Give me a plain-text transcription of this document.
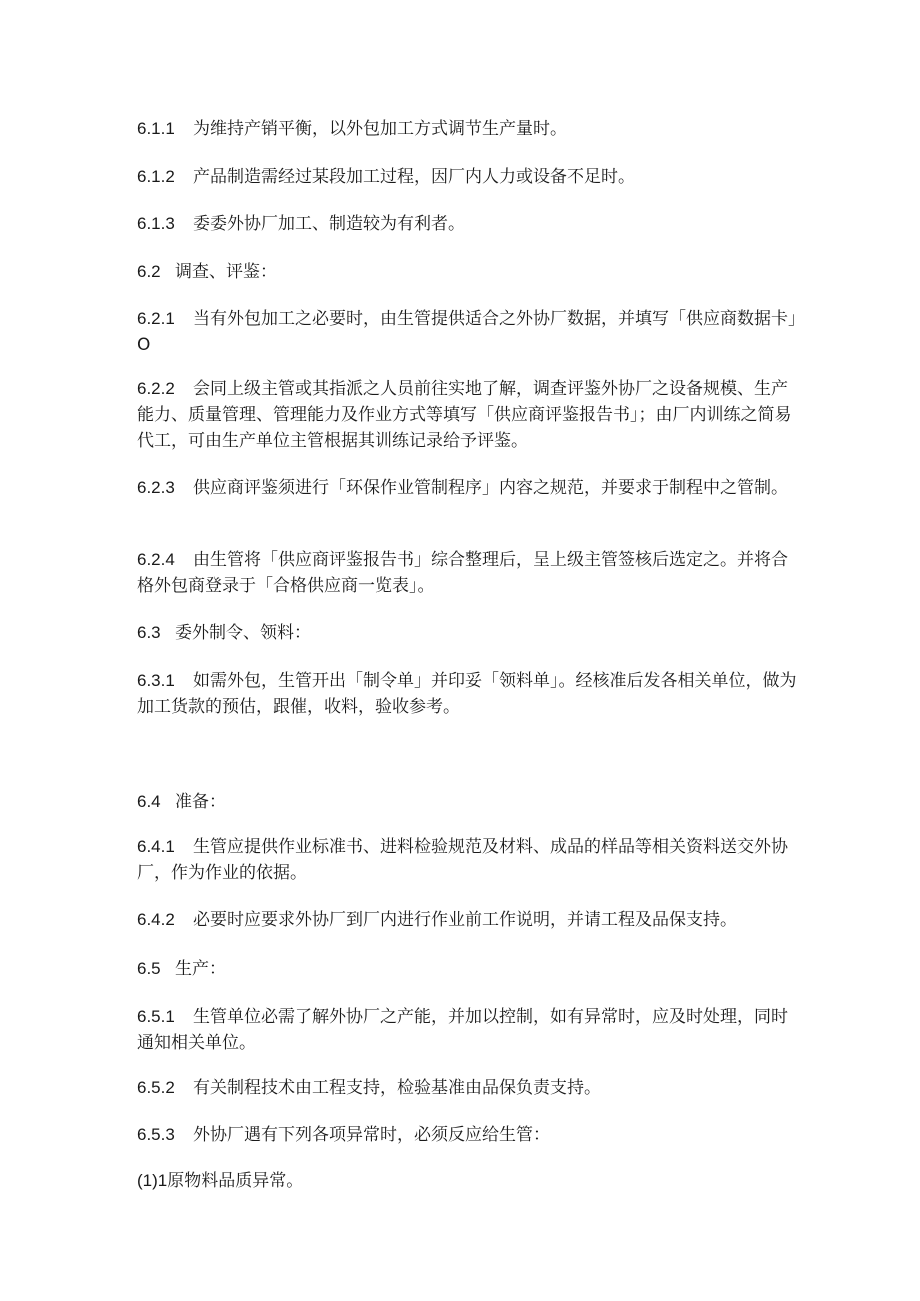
6.1.1 为维持产销平衡，以外包加工方式调节生产量时。

6.1.2 产品制造需经过某段加工过程，因厂内人力或设备不足时。

6.1.3 委委外协厂加工、制造较为有利者。

6.2 调查、评鉴：

6.2.1 当有外包加工之必要时，由生管提供适合之外协厂数据，并填写「供应商数据卡」O

6.2.2 会同上级主管或其指派之人员前往实地了解，调查评鉴外协厂之设备规模、生产能力、质量管理、管理能力及作业方式等填写「供应商评鉴报告书」；由厂内训练之简易代工，可由生产单位主管根据其训练记录给予评鉴。

6.2.3 供应商评鉴须进行「环保作业管制程序」内容之规范，并要求于制程中之管制。

6.2.4 由生管将「供应商评鉴报告书」综合整理后，呈上级主管签核后选定之。并将合格外包商登录于「合格供应商一览表」。

6.3 委外制令、领料：

6.3.1 如需外包，生管开出「制令单」并印妥「领料单」。经核准后发各相关单位，做为加工货款的预估，跟催，收料，验收参考。

6.4 准备：

6.4.1 生管应提供作业标准书、进料检验规范及材料、成品的样品等相关资料送交外协厂，作为作业的依据。

6.4.2 必要时应要求外协厂到厂内进行作业前工作说明，并请工程及品保支持。

6.5 生产：

6.5.1 生管单位必需了解外协厂之产能，并加以控制，如有异常时，应及时处理，同时通知相关单位。

6.5.2 有关制程技术由工程支持，检验基准由品保负责支持。

6.5.3 外协厂遇有下列各项异常时，必须反应给生管：

(1)1原物料品质异常。
